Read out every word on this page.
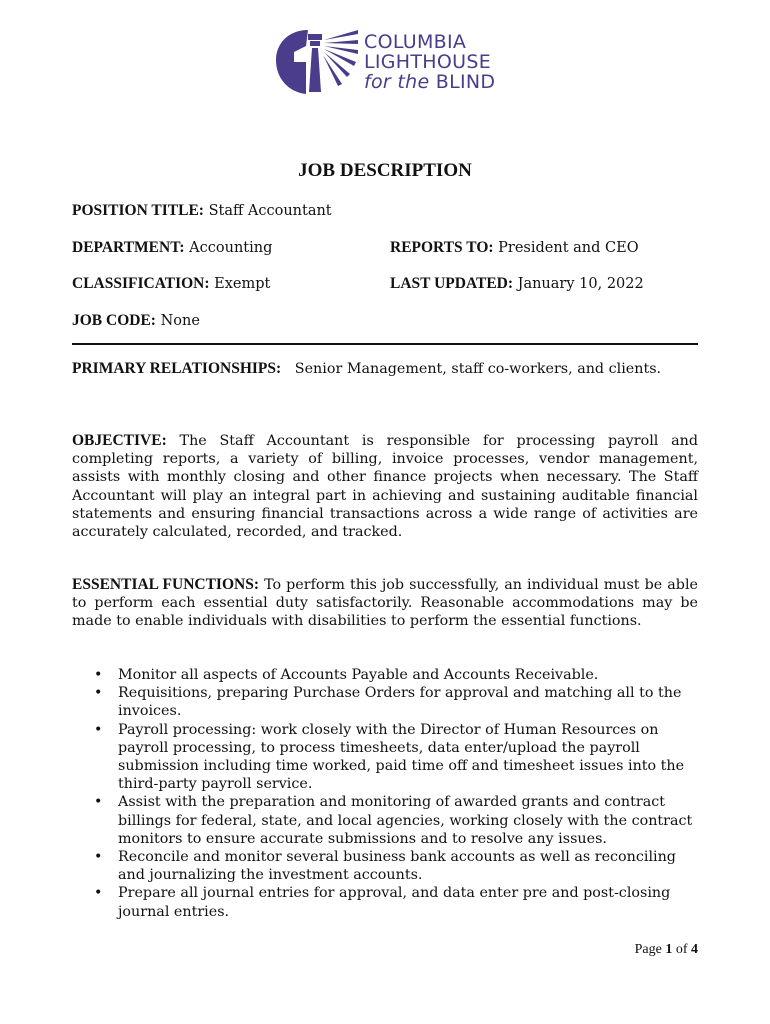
COLUMBIA
LIGHTHOUSE
for the BLIND
JOB DESCRIPTION
POSITION TITLE: Staff Accountant
DEPARTMENT: Accounting	REPORTS TO: President and CEO
CLASSIFICATION: Exempt	LAST UPDATED: January 10, 2022
JOB CODE: None
PRIMARY RELATIONSHIPS: Senior Management, staff co-workers, and clients.
OBJECTIVE: The Staff Accountant is responsible for processing payroll and completing reports, a variety of billing, invoice processes, vendor management, assists with monthly closing and other finance projects when necessary. The Staff Accountant will play an integral part in achieving and sustaining auditable financial statements and ensuring financial transactions across a wide range of activities are accurately calculated, recorded, and tracked.
ESSENTIAL FUNCTIONS: To perform this job successfully, an individual must be able to perform each essential duty satisfactorily. Reasonable accommodations may be made to enable individuals with disabilities to perform the essential functions.
• Monitor all aspects of Accounts Payable and Accounts Receivable.
• Requisitions, preparing Purchase Orders for approval and matching all to the invoices.
• Payroll processing: work closely with the Director of Human Resources on payroll processing, to process timesheets, data enter/upload the payroll submission including time worked, paid time off and timesheet issues into the third-party payroll service.
• Assist with the preparation and monitoring of awarded grants and contract billings for federal, state, and local agencies, working closely with the contract monitors to ensure accurate submissions and to resolve any issues.
• Reconcile and monitor several business bank accounts as well as reconciling and journalizing the investment accounts.
• Prepare all journal entries for approval, and data enter pre and post-closing journal entries.
Page 1 of 4
